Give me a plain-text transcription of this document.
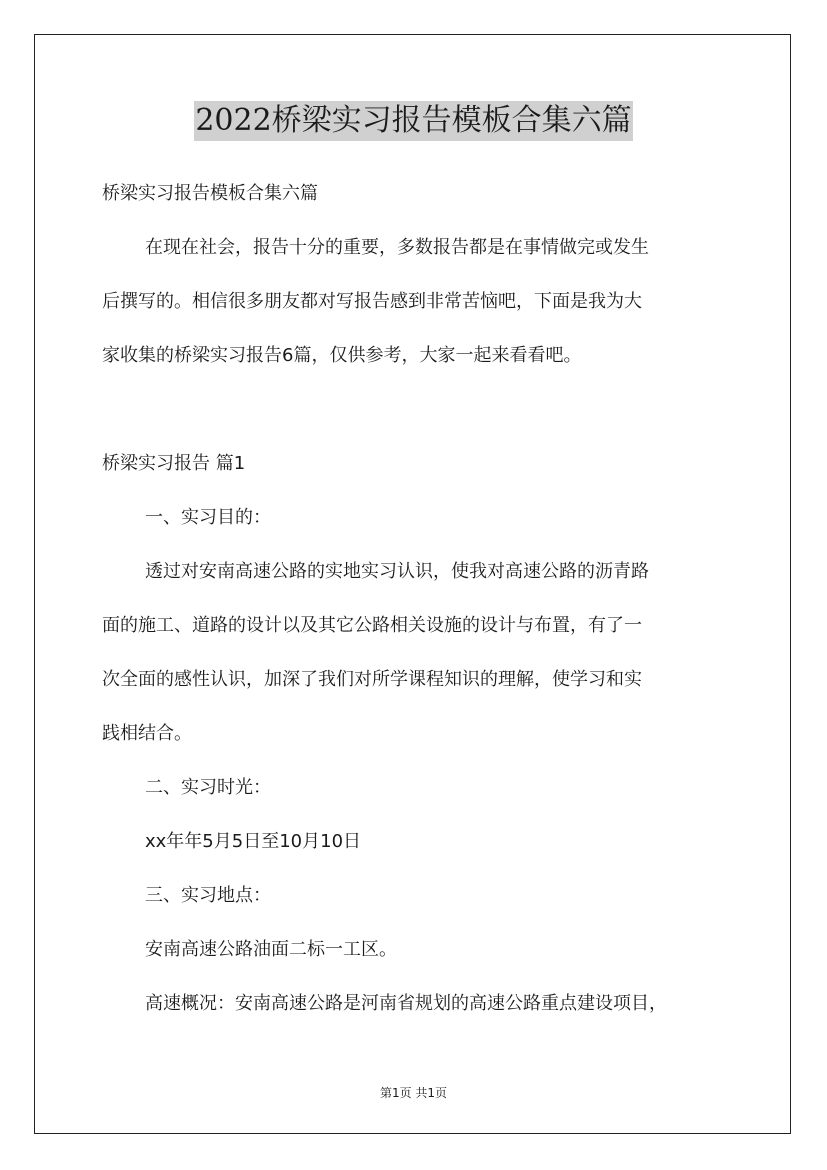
2022桥梁实习报告模板合集六篇
桥梁实习报告模板合集六篇
在现在社会，报告十分的重要，多数报告都是在事情做完或发生
后撰写的。相信很多朋友都对写报告感到非常苦恼吧，下面是我为大
家收集的桥梁实习报告6篇，仅供参考，大家一起来看看吧。
桥梁实习报告 篇1
一、实习目的：
透过对安南高速公路的实地实习认识，使我对高速公路的沥青路
面的施工、道路的设计以及其它公路相关设施的设计与布置，有了一
次全面的感性认识，加深了我们对所学课程知识的理解，使学习和实
践相结合。
二、实习时光：
xx年年5月5日至10月10日
三、实习地点：
安南高速公路油面二标一工区。
高速概况：安南高速公路是河南省规划的高速公路重点建设项目，
第1页 共1页
